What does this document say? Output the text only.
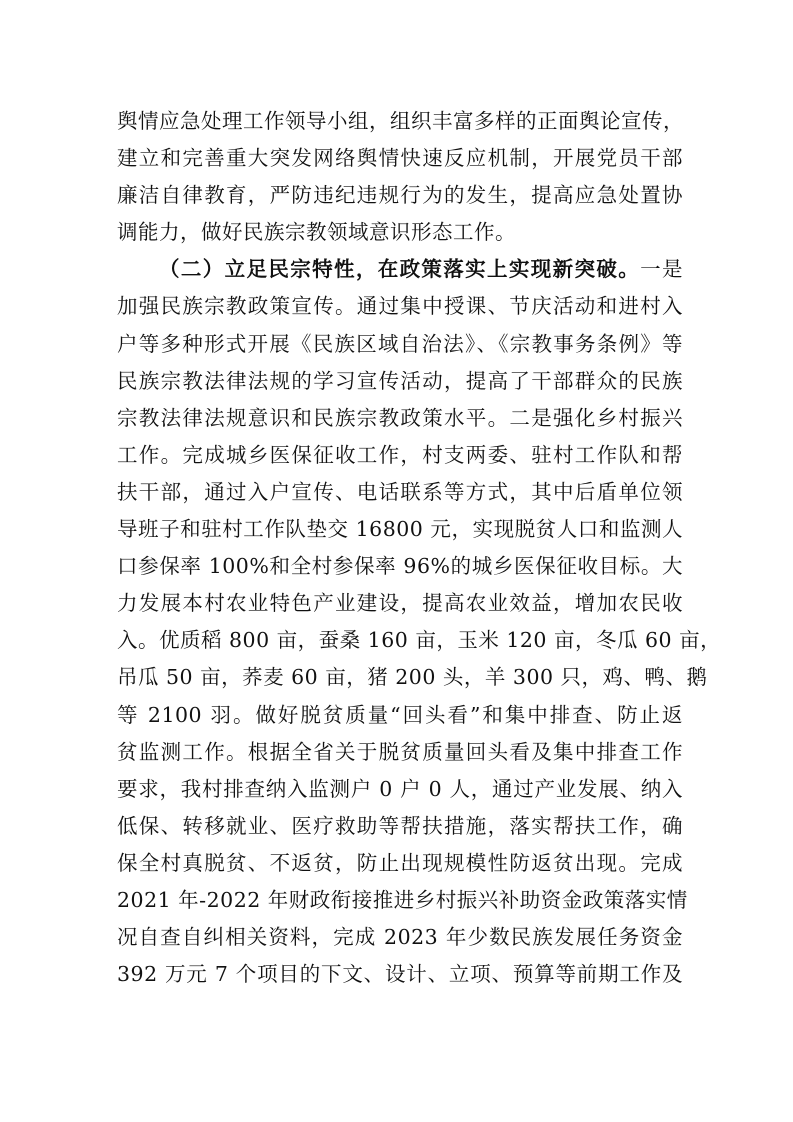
舆情应急处理工作领导小组，组织丰富多样的正面舆论宣传，
建立和完善重大突发网络舆情快速反应机制，开展党员干部
廉洁自律教育，严防违纪违规行为的发生，提高应急处置协
调能力，做好民族宗教领域意识形态工作。
（二）立足民宗特性，在政策落实上实现新突破。一是
加强民族宗教政策宣传。通过集中授课、节庆活动和进村入
户等多种形式开展《民族区域自治法》、《宗教事务条例》等
民族宗教法律法规的学习宣传活动，提高了干部群众的民族
宗教法律法规意识和民族宗教政策水平。二是强化乡村振兴
工作。完成城乡医保征收工作，村支两委、驻村工作队和帮
扶干部，通过入户宣传、电话联系等方式，其中后盾单位领
导班子和驻村工作队垫交 16800 元，实现脱贫人口和监测人
口参保率 100%和全村参保率 96%的城乡医保征收目标。大
力发展本村农业特色产业建设，提高农业效益，增加农民收
入。优质稻 800 亩，蚕桑 160 亩，玉米 120 亩，冬瓜 60 亩，
吊瓜 50 亩，荞麦 60 亩，猪 200 头，羊 300 只，鸡、鸭、鹅
等 2100 羽。做好脱贫质量“回头看”和集中排查、防止返
贫监测工作。根据全省关于脱贫质量回头看及集中排查工作
要求，我村排查纳入监测户 0 户 0 人，通过产业发展、纳入
低保、转移就业、医疗救助等帮扶措施，落实帮扶工作，确
保全村真脱贫、不返贫，防止出现规模性防返贫出现。完成
2021 年-2022 年财政衔接推进乡村振兴补助资金政策落实情
况自查自纠相关资料，完成 2023 年少数民族发展任务资金
392 万元 7 个项目的下文、设计、立项、预算等前期工作及
